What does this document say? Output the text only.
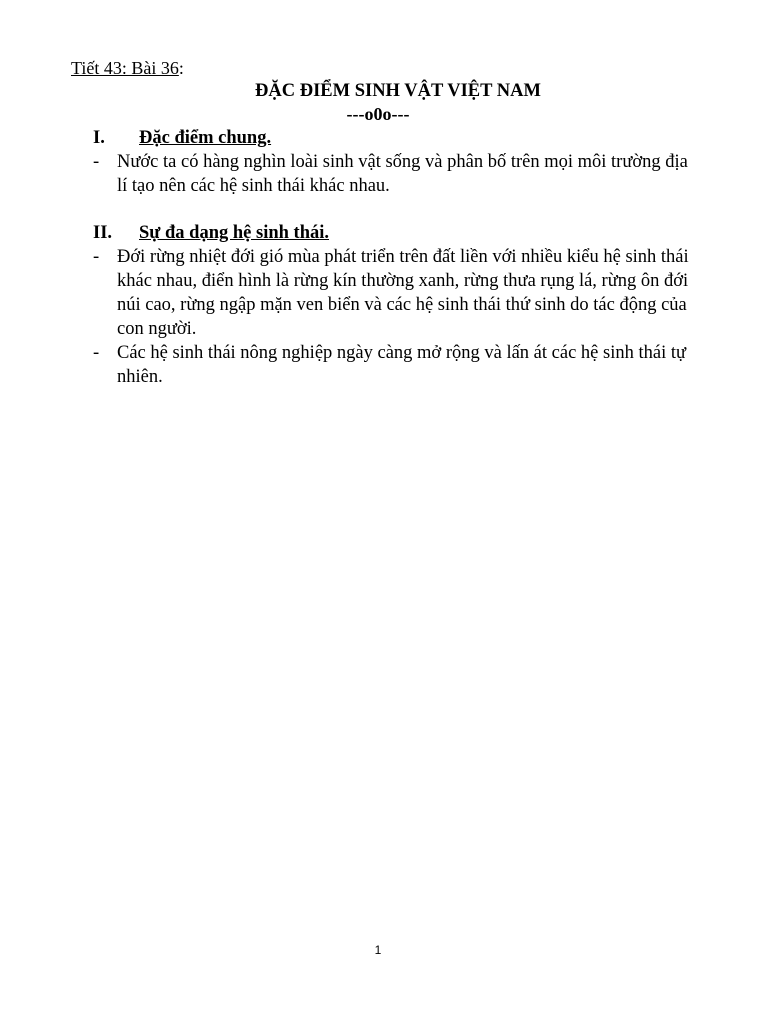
Tiết 43: Bài 36:
ĐẶC ĐIỂM SINH VẬT VIỆT NAM
---o0o---
I. Đặc điểm chung.
- Nước ta có hàng nghìn loài sinh vật sống và phân bố trên mọi môi trường địa lí tạo nên các hệ sinh thái khác nhau.
II. Sự đa dạng hệ sinh thái.
- Đới rừng nhiệt đới gió mùa phát triển trên đất liền với nhiều kiểu hệ sinh thái khác nhau, điển hình là rừng kín thường xanh, rừng thưa rụng lá, rừng ôn đới núi cao, rừng ngập mặn ven biển và các hệ sinh thái thứ sinh do tác động của con người.
- Các hệ sinh thái nông nghiệp ngày càng mở rộng và lấn át các hệ sinh thái tự nhiên.
1
